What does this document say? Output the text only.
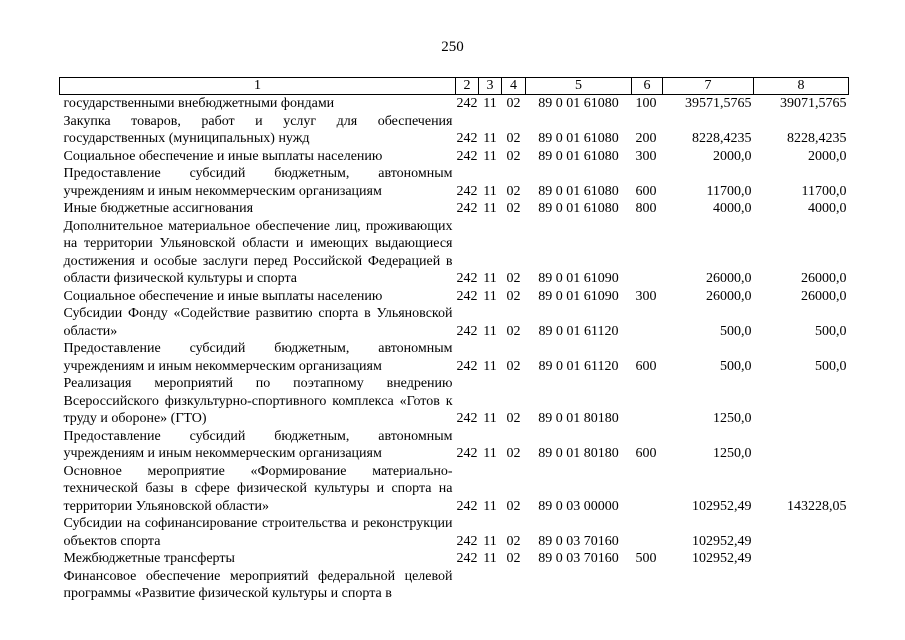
250
1	2	3	4	5	6	7	8
государственными внебюджетными фондами	242	11	02	89 0 01 61080	100	39571,5765	39071,5765
Закупка товаров, работ и услуг для обеспечения государственных (муниципальных) нужд	242	11	02	89 0 01 61080	200	8228,4235	8228,4235
Социальное обеспечение и иные выплаты населению	242	11	02	89 0 01 61080	300	2000,0	2000,0
Предоставление субсидий бюджетным, автономным учреждениям и иным некоммерческим организациям	242	11	02	89 0 01 61080	600	11700,0	11700,0
Иные бюджетные ассигнования	242	11	02	89 0 01 61080	800	4000,0	4000,0
Дополнительное материальное обеспечение лиц, проживающих на территории Ульяновской области и имеющих выдающиеся достижения и особые заслуги перед Российской Федерацией в области физической культуры и спорта	242	11	02	89 0 01 61090		26000,0	26000,0
Социальное обеспечение и иные выплаты населению	242	11	02	89 0 01 61090	300	26000,0	26000,0
Субсидии Фонду «Содействие развитию спорта в Ульяновской области»	242	11	02	89 0 01 61120		500,0	500,0
Предоставление субсидий бюджетным, автономным учреждениям и иным некоммерческим организациям	242	11	02	89 0 01 61120	600	500,0	500,0
Реализация мероприятий по поэтапному внедрению Всероссийского физкультурно-спортивного комплекса «Готов к труду и обороне» (ГТО)	242	11	02	89 0 01 80180		1250,0	
Предоставление субсидий бюджетным, автономным учреждениям и иным некоммерческим организациям	242	11	02	89 0 01 80180	600	1250,0	
Основное мероприятие «Формирование материально-технической базы в сфере физической культуры и спорта на территории Ульяновской области»	242	11	02	89 0 03 00000		102952,49	143228,05
Субсидии на софинансирование строительства и реконструкции объектов спорта	242	11	02	89 0 03 70160		102952,49	
Межбюджетные трансферты	242	11	02	89 0 03 70160	500	102952,49	
Финансовое обеспечение мероприятий федеральной целевой программы «Развитие физической культуры и спорта в							
